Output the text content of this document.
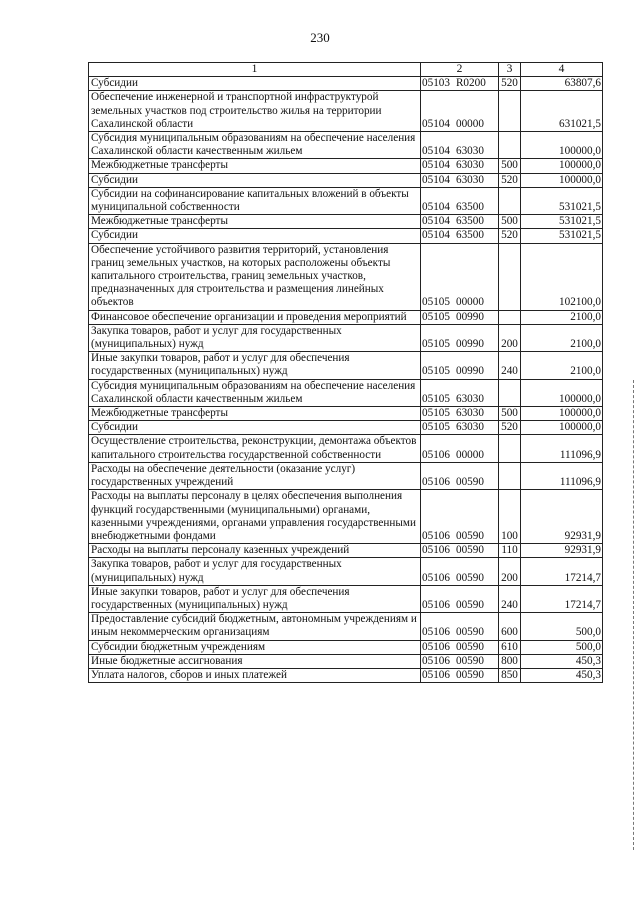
230
1	2	3	4
Субсидии	05103 R0200	520	63807,6
Обеспечение инженерной и транспортной инфраструктурой земельных участков под строительство жилья на территории Сахалинской области	05104 00000		631021,5
Субсидия муниципальным образованиям на обеспечение населения Сахалинской области качественным жильем	05104 63030		100000,0
Межбюджетные трансферты	05104 63030	500	100000,0
Субсидии	05104 63030	520	100000,0
Субсидии на софинансирование капитальных вложений в объекты муниципальной собственности	05104 63500		531021,5
Межбюджетные трансферты	05104 63500	500	531021,5
Субсидии	05104 63500	520	531021,5
Обеспечение устойчивого развития территорий, установления границ земельных участков, на которых расположены объекты капитального строительства, границ земельных участков, предназначенных для строительства и размещения линейных объектов	05105 00000		102100,0
Финансовое обеспечение организации и проведения мероприятий	05105 00990		2100,0
Закупка товаров, работ и услуг для государственных (муниципальных) нужд	05105 00990	200	2100,0
Иные закупки товаров, работ и услуг для обеспечения государственных (муниципальных) нужд	05105 00990	240	2100,0
Субсидия муниципальным образованиям на обеспечение населения Сахалинской области качественным жильем	05105 63030		100000,0
Межбюджетные трансферты	05105 63030	500	100000,0
Субсидии	05105 63030	520	100000,0
Осуществление строительства, реконструкции, демонтажа объектов капитального строительства государственной собственности	05106 00000		111096,9
Расходы на обеспечение деятельности (оказание услуг) государственных учреждений	05106 00590		111096,9
Расходы на выплаты персоналу в целях обеспечения выполнения функций государственными (муниципальными) органами, казенными учреждениями, органами управления государственными внебюджетными фондами	05106 00590	100	92931,9
Расходы на выплаты персоналу казенных учреждений	05106 00590	110	92931,9
Закупка товаров, работ и услуг для государственных (муниципальных) нужд	05106 00590	200	17214,7
Иные закупки товаров, работ и услуг для обеспечения государственных (муниципальных) нужд	05106 00590	240	17214,7
Предоставление субсидий бюджетным, автономным учреждениям и иным некоммерческим организациям	05106 00590	600	500,0
Субсидии бюджетным учреждениям	05106 00590	610	500,0
Иные бюджетные ассигнования	05106 00590	800	450,3
Уплата налогов, сборов и иных платежей	05106 00590	850	450,3
